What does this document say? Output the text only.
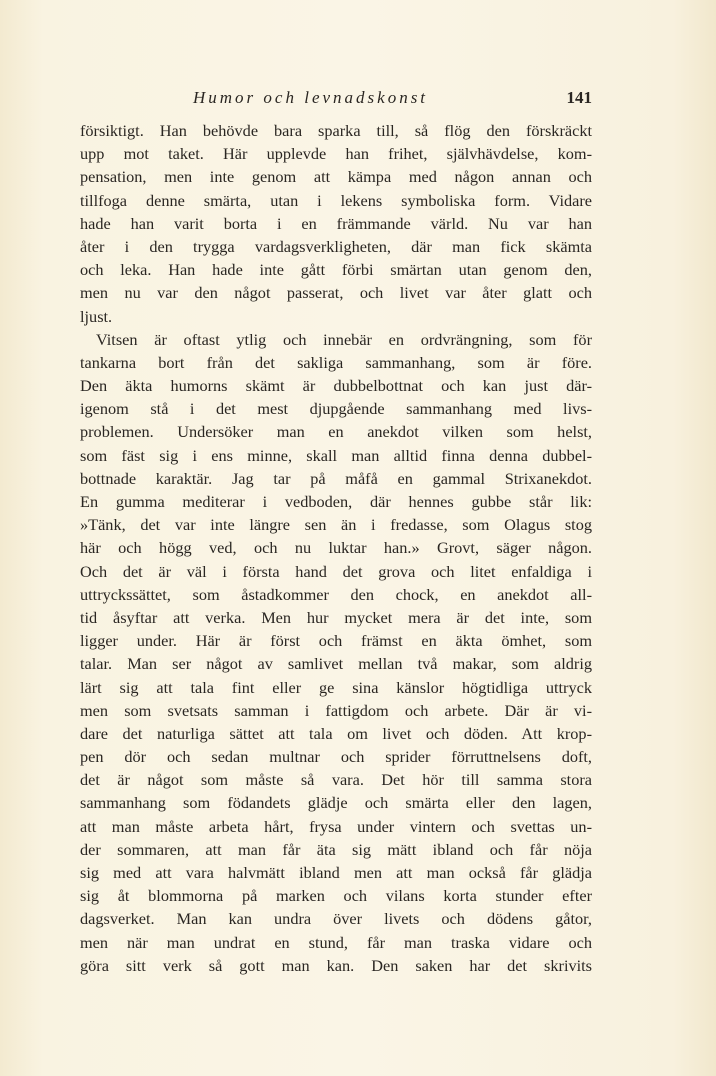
Humor och levnadskonst	141
försiktigt. Han behövde bara sparka till, så flög den förskräckt
upp mot taket. Här upplevde han frihet, självhävdelse, kom-
pensation, men inte genom att kämpa med någon annan och
tillfoga denne smärta, utan i lekens symboliska form. Vidare
hade han varit borta i en främmande värld. Nu var han
åter i den trygga vardagsverkligheten, där man fick skämta
och leka. Han hade inte gått förbi smärtan utan genom den,
men nu var den något passerat, och livet var åter glatt och
ljust.
Vitsen är oftast ytlig och innebär en ordvrängning, som för
tankarna bort från det sakliga sammanhang, som är före.
Den äkta humorns skämt är dubbelbottnat och kan just där-
igenom stå i det mest djupgående sammanhang med livs-
problemen. Undersöker man en anekdot vilken som helst,
som fäst sig i ens minne, skall man alltid finna denna dubbel-
bottnade karaktär. Jag tar på måfå en gammal Strixanekdot.
En gumma mediterar i vedboden, där hennes gubbe står lik:
»Tänk, det var inte längre sen än i fredasse, som Olagus stog
här och högg ved, och nu luktar han.» Grovt, säger någon.
Och det är väl i första hand det grova och litet enfaldiga i
uttryckssättet, som åstadkommer den chock, en anekdot all-
tid åsyftar att verka. Men hur mycket mera är det inte, som
ligger under. Här är först och främst en äkta ömhet, som
talar. Man ser något av samlivet mellan två makar, som aldrig
lärt sig att tala fint eller ge sina känslor högtidliga uttryck
men som svetsats samman i fattigdom och arbete. Där är vi-
dare det naturliga sättet att tala om livet och döden. Att krop-
pen dör och sedan multnar och sprider förruttnelsens doft,
det är något som måste så vara. Det hör till samma stora
sammanhang som födandets glädje och smärta eller den lagen,
att man måste arbeta hårt, frysa under vintern och svettas un-
der sommaren, att man får äta sig mätt ibland och får nöja
sig med att vara halvmätt ibland men att man också får glädja
sig åt blommorna på marken och vilans korta stunder efter
dagsverket. Man kan undra över livets och dödens gåtor,
men när man undrat en stund, får man traska vidare och
göra sitt verk så gott man kan. Den saken har det skrivits
